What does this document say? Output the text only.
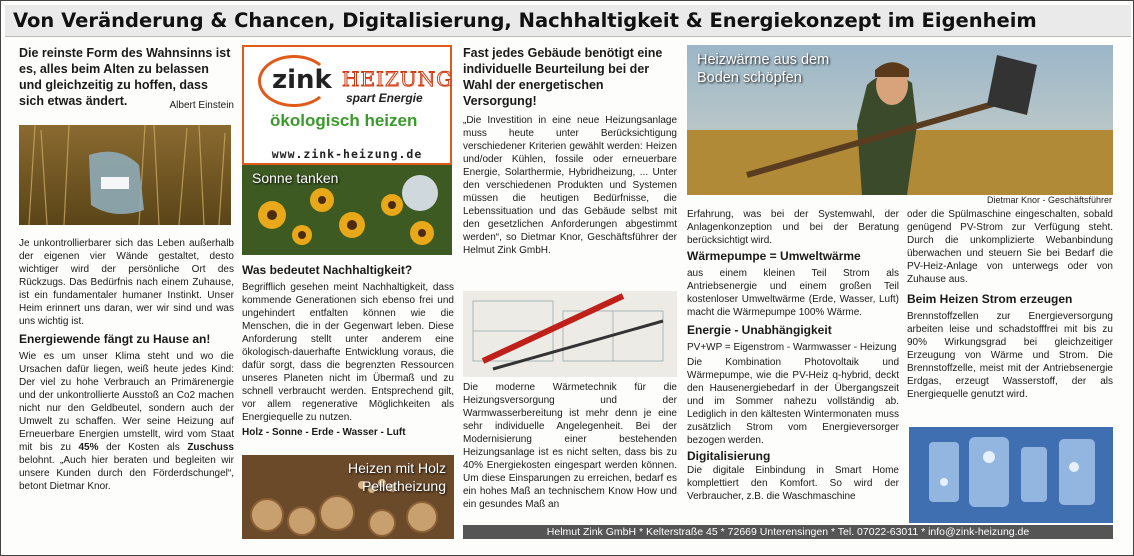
Von Veränderung & Chancen, Digitalisierung, Nachhaltigkeit & Energiekonzept im Eigenheim
Die reinste Form des Wahnsinns ist es, alles beim Alten zu belassen und gleichzeitig zu hoffen, dass sich etwas ändert.	Albert Einstein

Je unkontrollierbarer sich das Leben außerhalb der eigenen vier Wände gestaltet, desto wichtiger wird der persönliche Ort des Rückzugs. Das Bedürfnis nach einem Zuhause, ist ein fundamentaler humaner Instinkt. Unser Heim erinnert uns daran, wer wir sind und was uns wichtig ist.

Energiewende fängt zu Hause an!

Wie es um unser Klima steht und wo die Ursachen dafür liegen, weiß heute jedes Kind: Der viel zu hohe Verbrauch an Primärenergie und der unkontrollierte Ausstoß an Co2 machen nicht nur den Geldbeutel, sondern auch der Umwelt zu schaffen. Wer seine Heizung auf Erneuerbare Energien umstellt, wird vom Staat mit bis zu 45% der Kosten als Zuschuss belohnt. „Auch hier beraten und begleiten wir unsere Kunden durch den Förderdschungel“, betont Dietmar Knor.

zink HEIZUNG
spart Energie
ökologisch heizen
www.zink-heizung.de
Sonne tanken
Was bedeutet Nachhaltigkeit?

Begrifflich gesehen meint Nachhaltigkeit, dass kommende Generationen sich ebenso frei und ungehindert entfalten können wie die Menschen, die in der Gegenwart leben. Diese Anforderung stellt unter anderem eine ökologisch-dauerhafte Entwicklung voraus, die dafür sorgt, dass die begrenzten Ressourcen unseres Planeten nicht im Übermaß und zu schnell verbraucht werden. Entsprechend gilt, vor allem regenerative Möglichkeiten als Energiequelle zu nutzen.

Holz - Sonne - Erde - Wasser - Luft

Heizen mit Holz
Pelletheizung
Fast jedes Gebäude benötigt eine individuelle Beurteilung bei der Wahl der energetischen Versorgung!

„Die Investition in eine neue Heizungsanlage muss heute unter Berücksichtigung verschiedener Kriterien gewählt werden: Heizen und/oder Kühlen, fossile oder erneuerbare Energie, Solarthermie, Hybridheizung, ... Unter den verschiedenen Produkten und Systemen müssen die heutigen Bedürfnisse, die Lebenssituation und das Gebäude selbst mit den gesetzlichen Anforderungen abgestimmt werden“, so Dietmar Knor, Geschäftsführer der Helmut Zink GmbH.

Die moderne Wärmetechnik für die Heizungsversorgung und der Warmwasserbereitung ist mehr denn je eine sehr individuelle Angelegenheit. Bei der Modernisierung einer bestehenden Heizungsanlage ist es nicht selten, dass bis zu 40% Energiekosten eingespart werden können. Um diese Einsparungen zu erreichen, bedarf es ein hohes Maß an technischem Know How und ein gesundes Maß an

Heizwärme aus dem
Boden schöpfen
Dietmar Knor - Geschäftsführer

Erfahrung, was bei der Systemwahl, der Anlagenkonzeption und bei der Beratung berücksichtigt wird.

Wärmepumpe = Umweltwärme

aus einem kleinen Teil Strom als Antriebsenergie und einem großen Teil kostenloser Umweltwärme (Erde, Wasser, Luft) macht die Wärmepumpe 100% Wärme.

Energie - Unabhängigkeit

PV+WP = Eigenstrom - Warmwasser - Heizung

Die Kombination Photovoltaik und Wärmepumpe, wie die PV-Heiz q-hybrid, deckt den Hausenergiebedarf in der Übergangszeit und im Sommer nahezu vollständig ab. Lediglich in den kältesten Wintermonaten muss zusätzlich Strom vom Energieversorger bezogen werden.

Digitalisierung

Die digitale Einbindung in Smart Home komplettiert den Komfort. So wird der Verbraucher, z.B. die Waschmaschine

oder die Spülmaschine eingeschalten, sobald genügend PV-Strom zur Verfügung steht. Durch die unkomplizierte Webanbindung überwachen und steuern Sie bei Bedarf die PV-Heiz-Anlage von unterwegs oder von Zuhause aus.

Beim Heizen Strom erzeugen

Brennstoffzellen zur Energieversorgung arbeiten leise und schadstofffrei mit bis zu 90% Wirkungsgrad bei gleichzeitiger Erzeugung von Wärme und Strom. Die Brennstoffzelle, meist mit der Antriebsenergie Erdgas, erzeugt Wasserstoff, der als Energiequelle genutzt wird.

Helmut Zink GmbH * Kelterstraße 45 * 72669 Unterensingen * Tel. 07022-63011 * info@zink-heizung.de
